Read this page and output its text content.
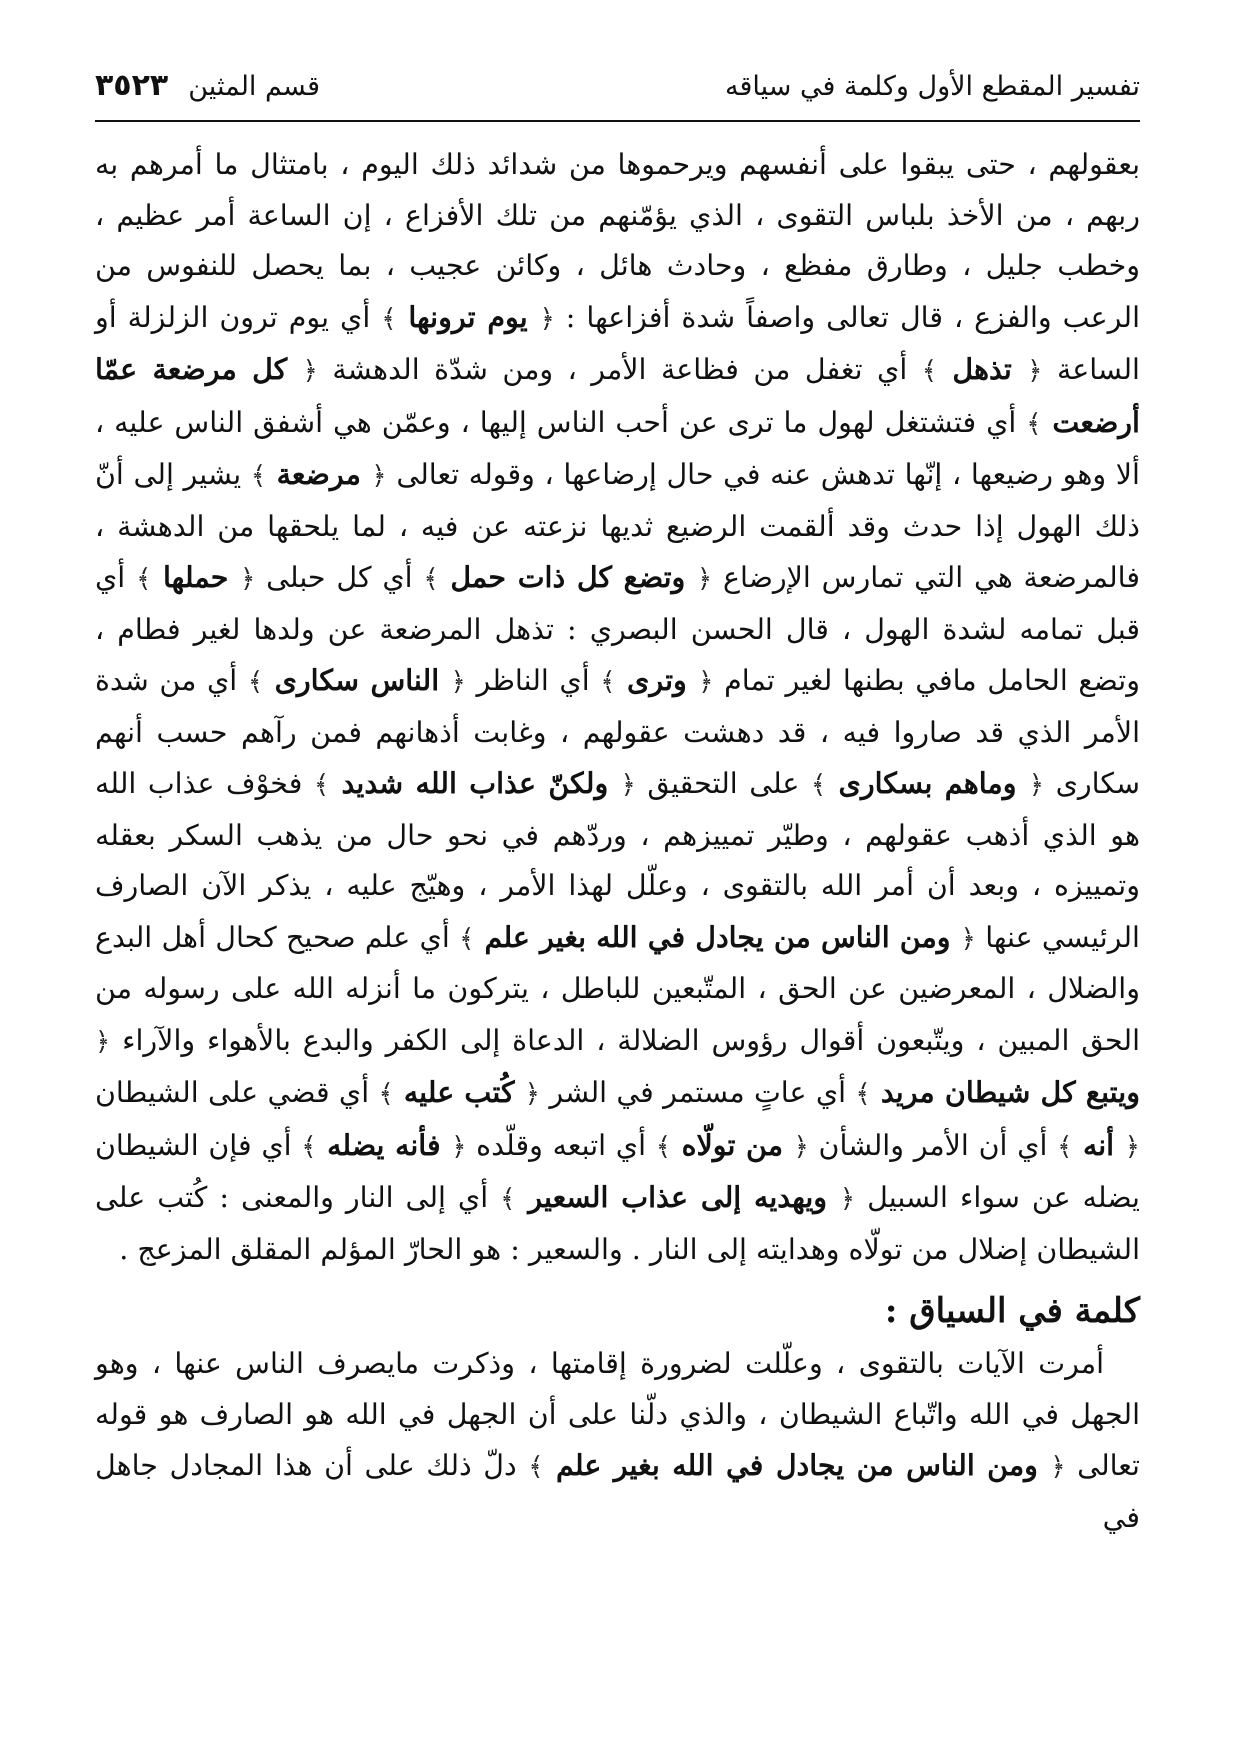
تفسير المقطع الأول وكلمة في سياقه
قسم المثين
٣٥٢٣

بعقولهم ، حتى يبقوا على أنفسهم ويرحموها من شدائد ذلك اليوم ، بامتثال ما أمرهم به ربهم ، من الأخذ بلباس التقوى ، الذي يؤمّنهم من تلك الأفزاع ، إن الساعة أمر عظيم ، وخطب جليل ، وطارق مفظع ، وحادث هائل ، وكائن عجيب ، بما يحصل للنفوس من الرعب والفزع ، قال تعالى واصفاً شدة أفزاعها : ﴿ يوم ترونها ﴾ أي يوم ترون الزلزلة أو الساعة ﴿ تذهل ﴾ أي تغفل من فظاعة الأمر ، ومن شدّة الدهشة ﴿ كل مرضعة عمّا أرضعت ﴾ أي فتشتغل لهول ما ترى عن أحب الناس إليها ، وعمّن هي أشفق الناس عليه ، ألا وهو رضيعها ، إنّها تدهش عنه في حال إرضاعها ، وقوله تعالى ﴿ مرضعة ﴾ يشير إلى أنّ ذلك الهول إذا حدث وقد ألقمت الرضيع ثديها نزعته عن فيه ، لما يلحقها من الدهشة ، فالمرضعة هي التي تمارس الإرضاع ﴿ وتضع كل ذات حمل ﴾ أي كل حبلى ﴿ حملها ﴾ أي قبل تمامه لشدة الهول ، قال الحسن البصري : تذهل المرضعة عن ولدها لغير فطام ، وتضع الحامل مافي بطنها لغير تمام ﴿ وترى ﴾ أي الناظر ﴿ الناس سكارى ﴾ أي من شدة الأمر الذي قد صاروا فيه ، قد دهشت عقولهم ، وغابت أذهانهم فمن رآهم حسب أنهم سكارى ﴿ وماهم بسكارى ﴾ على التحقيق ﴿ ولكنّ عذاب الله شديد ﴾ فخوْف عذاب الله هو الذي أذهب عقولهم ، وطيّر تمييزهم ، وردّهم في نحو حال من يذهب السكر بعقله وتمييزه ، وبعد أن أمر الله بالتقوى ، وعلّل لهذا الأمر ، وهيّج عليه ، يذكر الآن الصارف الرئيسي عنها ﴿ ومن الناس من يجادل في الله بغير علم ﴾ أي علم صحيح كحال أهل البدع والضلال ، المعرضين عن الحق ، المتّبعين للباطل ، يتركون ما أنزله الله على رسوله من الحق المبين ، ويتّبعون أقوال رؤوس الضلالة ، الدعاة إلى الكفر والبدع بالأهواء والآراء ﴿ ويتبع كل شيطان مريد ﴾ أي عاتٍ مستمر في الشر ﴿ كُتب عليه ﴾ أي قضي على الشيطان ﴿ أنه ﴾ أي أن الأمر والشأن ﴿ من تولّاه ﴾ أي اتبعه وقلّده ﴿ فأنه يضله ﴾ أي فإن الشيطان يضله عن سواء السبيل ﴿ ويهديه إلى عذاب السعير ﴾ أي إلى النار والمعنى : كُتب على الشيطان إضلال من تولّاه وهدايته إلى النار . والسعير : هو الحارّ المؤلم المقلق المزعج .

كلمة في السياق :

أمرت الآيات بالتقوى ، وعلّلت لضرورة إقامتها ، وذكرت مايصرف الناس عنها ، وهو الجهل في الله واتّباع الشيطان ، والذي دلّنا على أن الجهل في الله هو الصارف هو قوله تعالى ﴿ ومن الناس من يجادل في الله بغير علم ﴾ دلّ ذلك على أن هذا المجادل جاهل في
